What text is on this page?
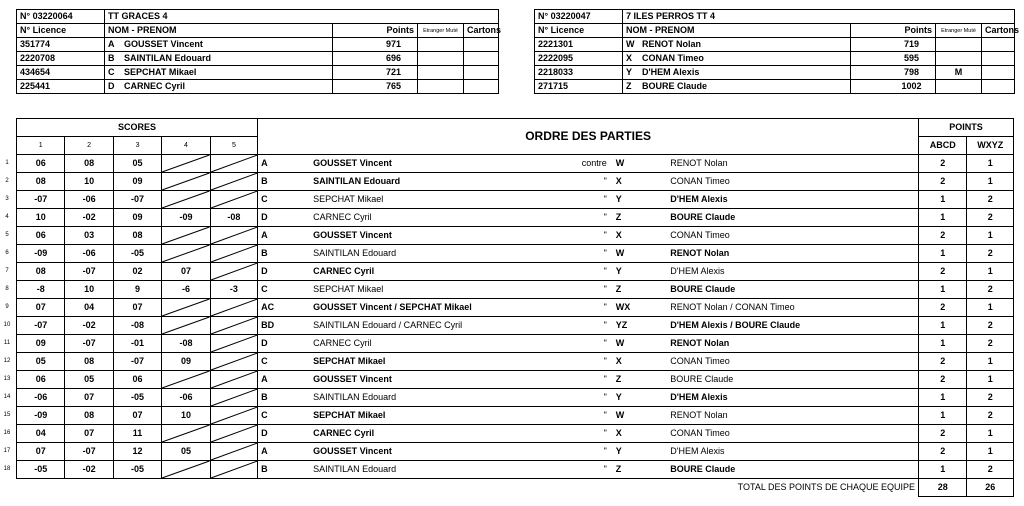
N° 03220064	TT GRACES 4			
N° Licence	NOM - PRENOM	Points	Etranger Muté	Cartons
351774	A GOUSSET Vincent	971		
2220708	B SAINTILAN Edouard	696		
434654	C SEPCHAT Mikael	721		
225441	D CARNEC Cyril	765		
N° 03220047	7 ILES PERROS TT 4			
N° Licence	NOM - PRENOM	Points	Etranger Muté	Cartons
2221301	W RENOT Nolan	719		
2222095	X CONAN Timeo	595		
2218033	Y D'HEM Alexis	798	M	
271715	Z BOURE Claude	1002		
SCORES					ORDRE DES PARTIES					POINTS	
1	2	3	4	5						ABCD	WXYZ
06	08	05			A	GOUSSET Vincent	contre	W	RENOT Nolan	2	1
08	10	09			B	SAINTILAN Edouard	"	X	CONAN Timeo	2	1
-07	-06	-07			C	SEPCHAT Mikael	"	Y	D'HEM Alexis	1	2
10	-02	09	-09	-08	D	CARNEC Cyril	"	Z	BOURE Claude	1	2
06	03	08			A	GOUSSET Vincent	"	X	CONAN Timeo	2	1
-09	-06	-05			B	SAINTILAN Edouard	"	W	RENOT Nolan	1	2
08	-07	02	07		D	CARNEC Cyril	"	Y	D'HEM Alexis	2	1
-8	10	9	-6	-3	C	SEPCHAT Mikael	"	Z	BOURE Claude	1	2
07	04	07			AC	GOUSSET Vincent / SEPCHAT Mikael	"	WX	RENOT Nolan / CONAN Timeo	2	1
-07	-02	-08			BD	SAINTILAN Edouard / CARNEC Cyril	"	YZ	D'HEM Alexis / BOURE Claude	1	2
09	-07	-01	-08		D	CARNEC Cyril	"	W	RENOT Nolan	1	2
05	08	-07	09		C	SEPCHAT Mikael	"	X	CONAN Timeo	2	1
06	05	06			A	GOUSSET Vincent	"	Z	BOURE Claude	2	1
-06	07	-05	-06		B	SAINTILAN Edouard	"	Y	D'HEM Alexis	1	2
-09	08	07	10		C	SEPCHAT Mikael	"	W	RENOT Nolan	1	2
04	07	11			D	CARNEC Cyril	"	X	CONAN Timeo	2	1
07	-07	12	05		A	GOUSSET Vincent	"	Y	D'HEM Alexis	2	1
-05	-02	-05			B	SAINTILAN Edouard	"	Z	BOURE Claude	1	2
TOTAL DES POINTS DE CHAQUE EQUIPE										28	26
1
2
3
4
5
6
7
8
9
10
11
12
13
14
15
16
17
18
